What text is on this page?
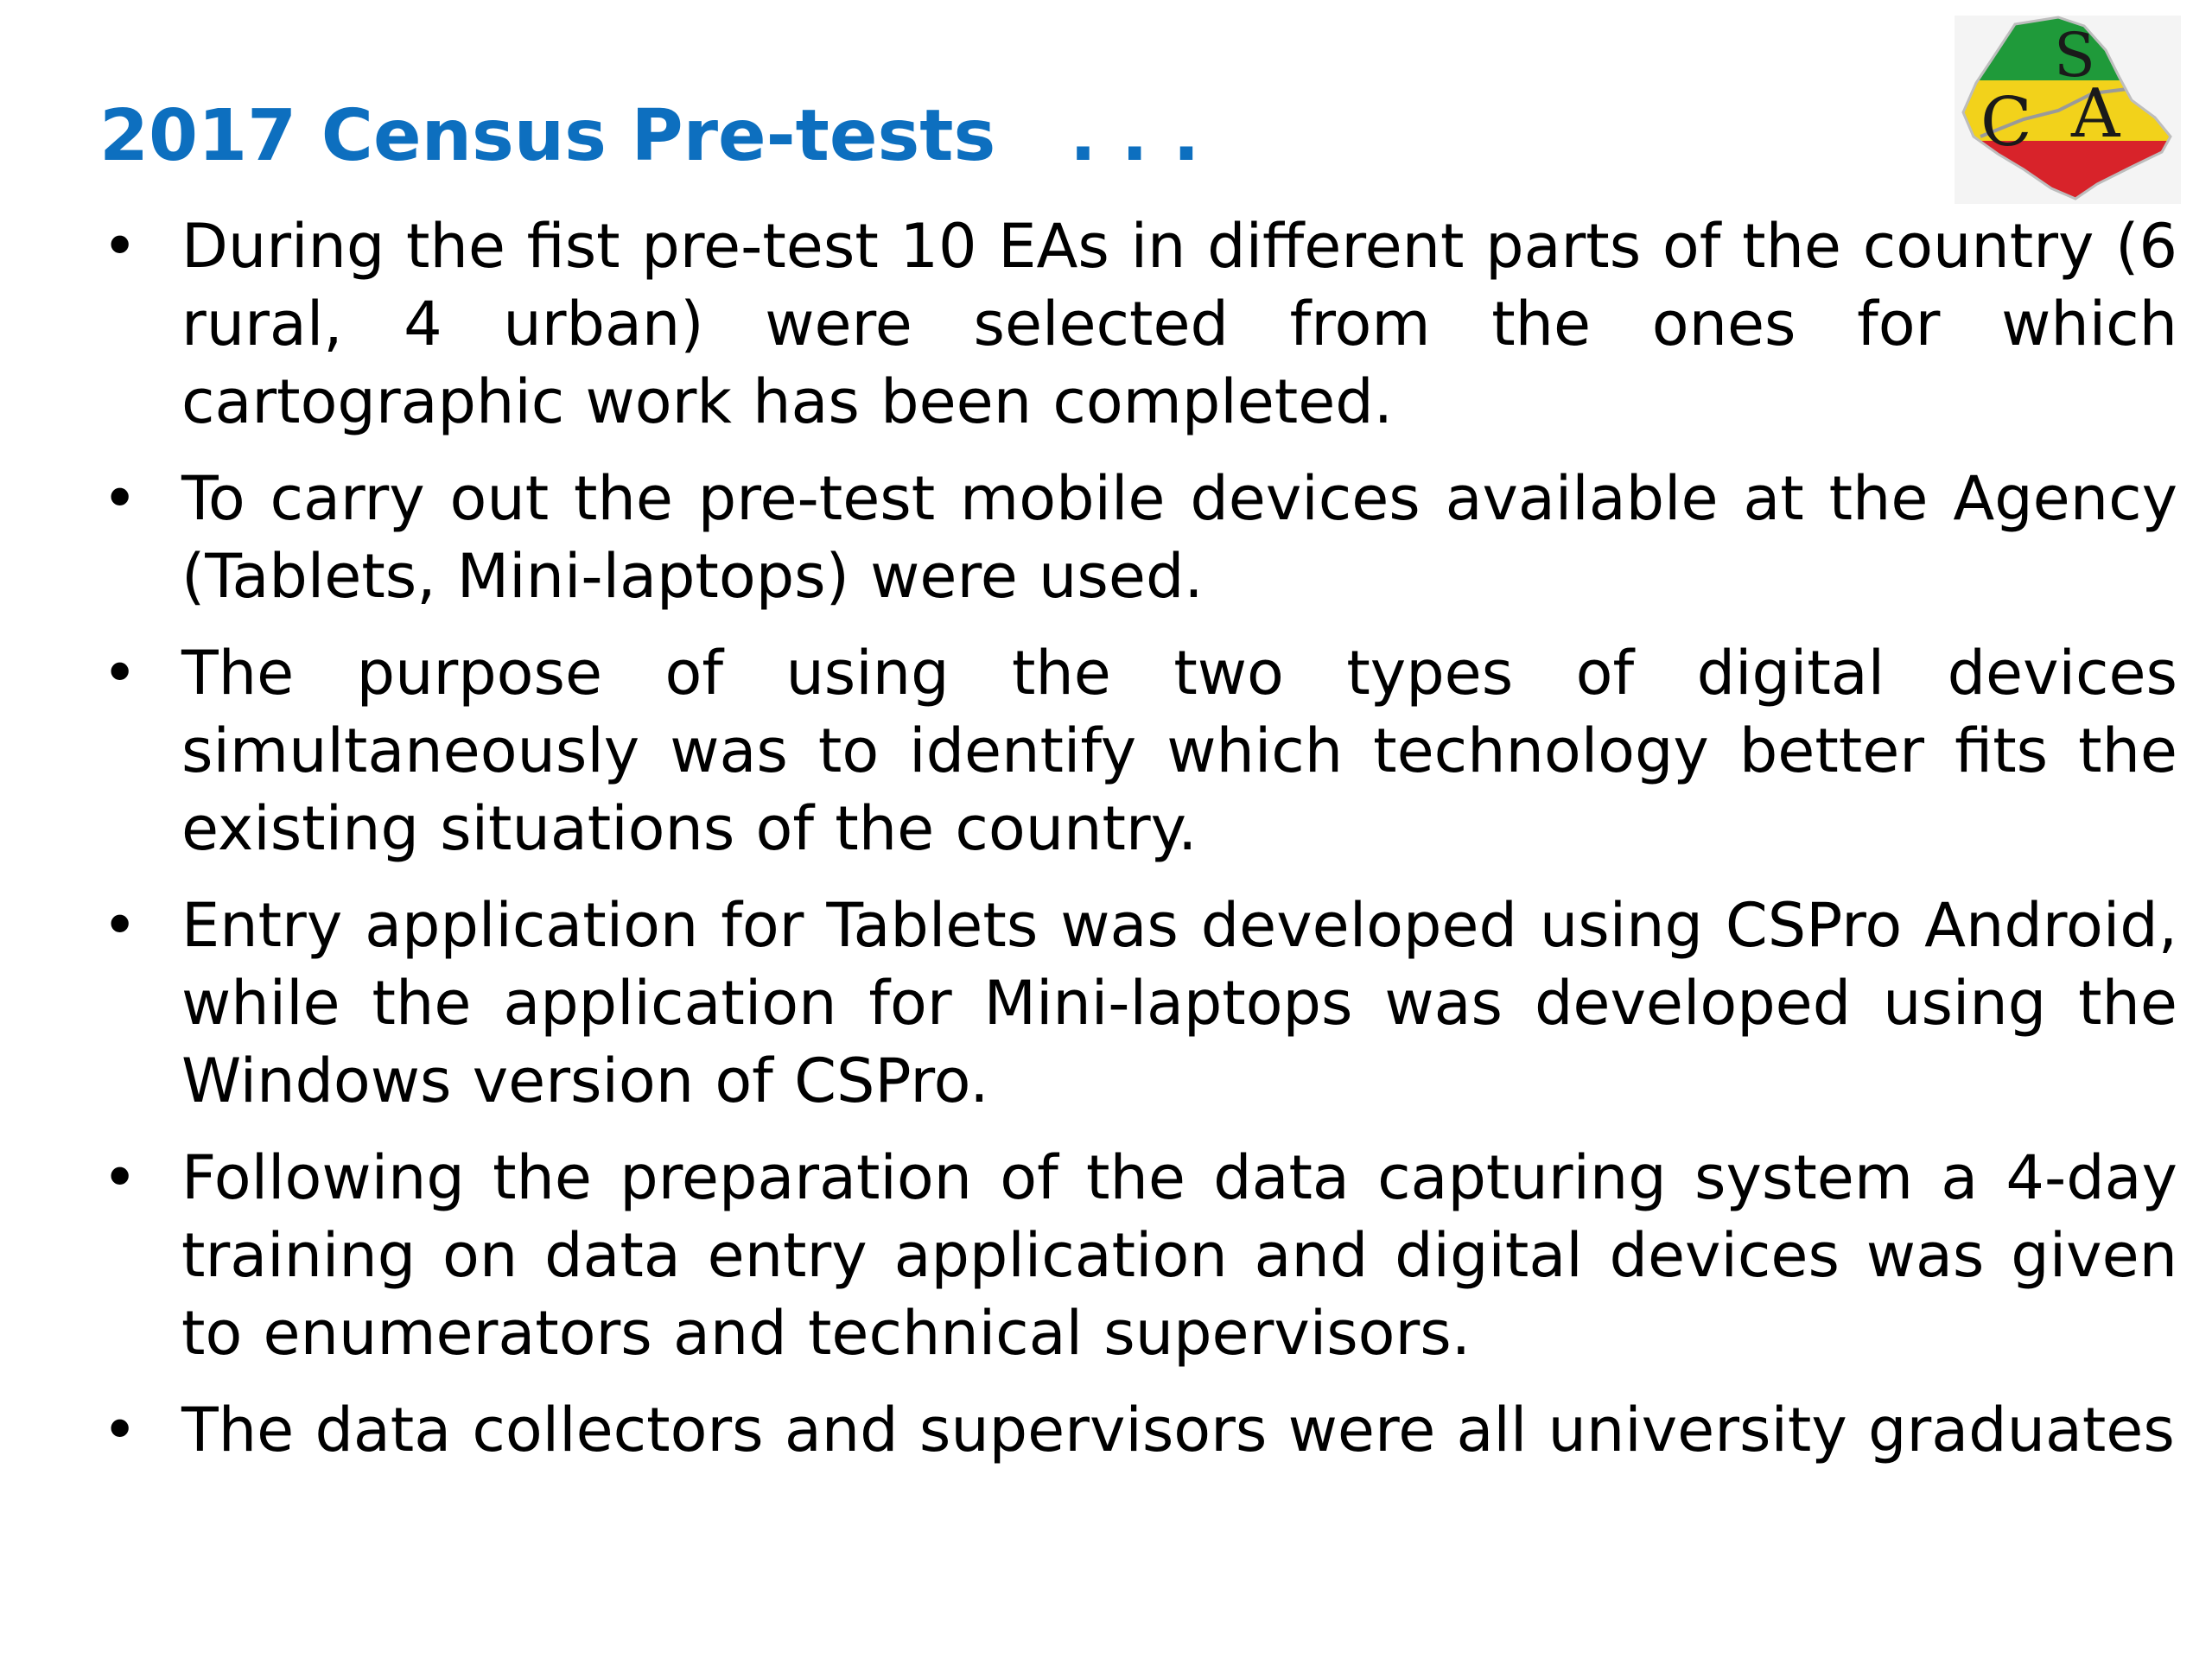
2017 Census Pre-tests   . . .
S
C A
• During the fist pre-test 10 EAs in different parts of the country (6 rural, 4 urban) were selected from the ones for which cartographic work has been completed.
• To carry out the pre-test mobile devices available at the Agency (Tablets, Mini-laptops) were used.
• The purpose of using the two types of digital devices simultaneously was to identify which technology better fits the existing situations of the country.
• Entry application for Tablets was developed using CSPro Android, while the application for Mini-laptops was developed using the Windows version of CSPro.
• Following the preparation of the data capturing system a 4-day training on data entry application and digital devices was given to enumerators and technical supervisors.
• The data collectors and supervisors were all university graduates
